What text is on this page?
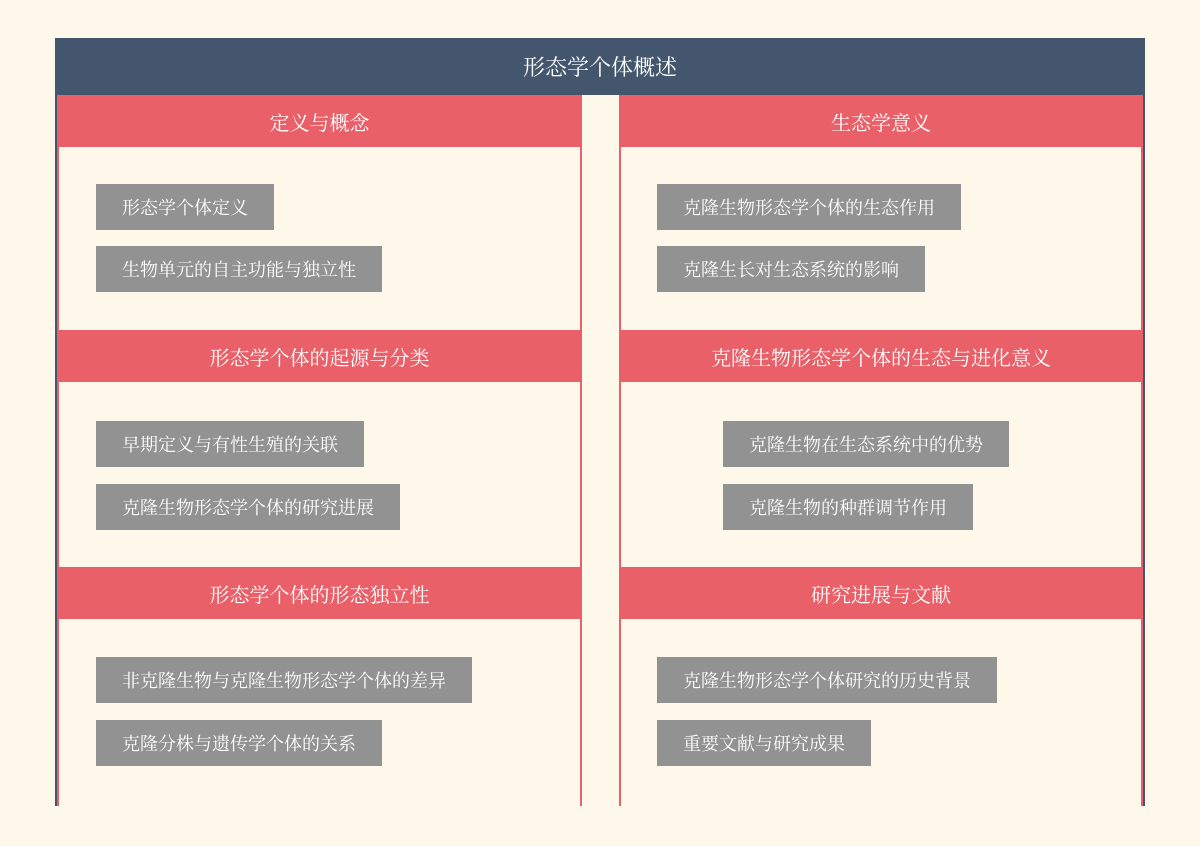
形态学个体概述
定义与概念
形态学个体定义
生物单元的自主功能与独立性
形态学个体的起源与分类
早期定义与有性生殖的关联
克隆生物形态学个体的研究进展
形态学个体的形态独立性
非克隆生物与克隆生物形态学个体的差异
克隆分株与遗传学个体的关系
生态学意义
克隆生物形态学个体的生态作用
克隆生长对生态系统的影响
克隆生物形态学个体的生态与进化意义
克隆生物在生态系统中的优势
克隆生物的种群调节作用
研究进展与文献
克隆生物形态学个体研究的历史背景
重要文献与研究成果
